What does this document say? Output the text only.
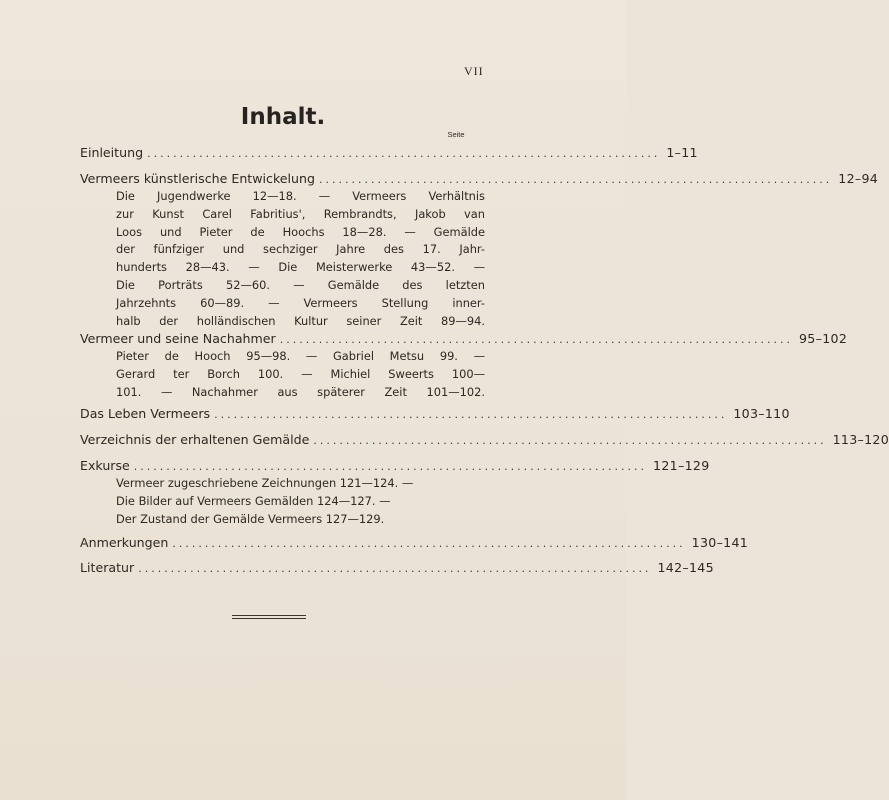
VII
Inhalt.
Seite
Einleitung ............................................................................... 1–11
Vermeers künstlerische Entwickelung ............................................................................... 12–94
Die Jugendwerke 12—18. — Vermeers Verhältnis
zur Kunst Carel Fabritius', Rembrandts, Jakob van
Loos und Pieter de Hoochs 18—28. — Gemälde
der fünfziger und sechziger Jahre des 17. Jahr-
hunderts 28—43. — Die Meisterwerke 43—52. —
Die Porträts 52—60. — Gemälde des letzten
Jahrzehnts 60—89. — Vermeers Stellung inner-
halb der holländischen Kultur seiner Zeit 89—94.
Vermeer und seine Nachahmer ............................................................................... 95–102
Pieter de Hooch 95—98. — Gabriel Metsu 99. —
Gerard ter Borch 100. — Michiel Sweerts 100—
101. — Nachahmer aus späterer Zeit 101—102.
Das Leben Vermeers ............................................................................... 103–110
Verzeichnis der erhaltenen Gemälde ............................................................................... 113–120
Exkurse ............................................................................... 121–129
Vermeer zugeschriebene Zeichnungen 121—124. —
Die Bilder auf Vermeers Gemälden 124—127. —
Der Zustand der Gemälde Vermeers 127—129.
Anmerkungen ............................................................................... 130–141
Literatur ............................................................................... 142–145
